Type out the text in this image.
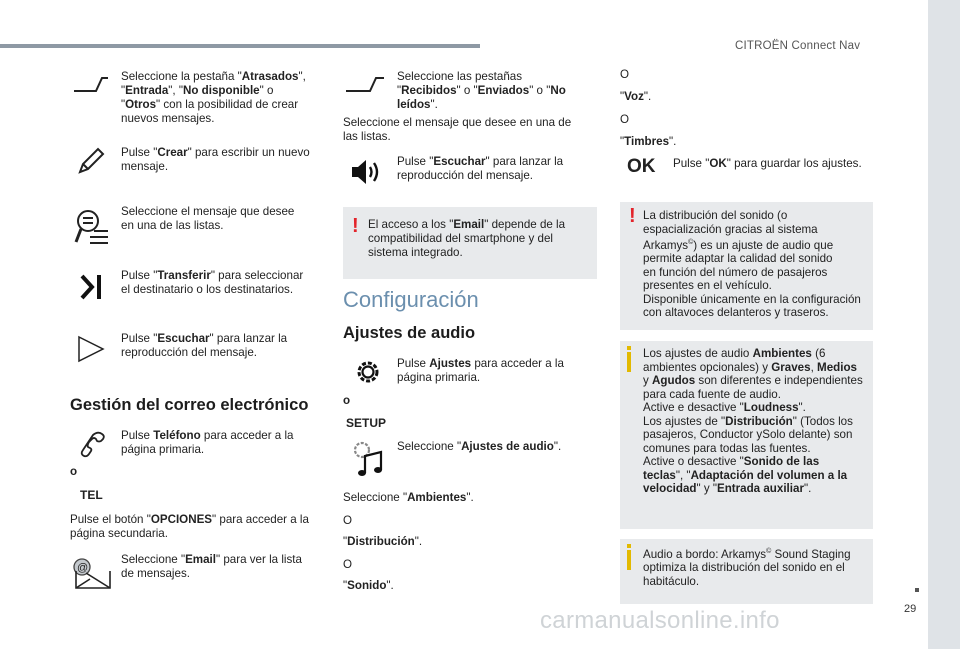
CITROËN Connect Nav
29
carmanualsonline.info
Seleccione la pestaña "Atrasados",
"Entrada", "No disponible" o
"Otros" con la posibilidad de crear
nuevos mensajes.
Pulse "Crear" para escribir un nuevo
mensaje.
Seleccione el mensaje que desee
en una de las listas.
Pulse "Transferir" para seleccionar
el destinatario o los destinatarios.
Pulse "Escuchar" para lanzar la
reproducción del mensaje.
Gestión del correo electrónico
Pulse Teléfono para acceder a la
página primaria.
o
TEL
Pulse el botón "OPCIONES" para acceder a la
página secundaria.
@
Seleccione "Email" para ver la lista
de mensajes.
Seleccione las pestañas
"Recibidos" o "Enviados" o "No
leídos".
Seleccione el mensaje que desee en una de
las listas.
Pulse "Escuchar" para lanzar la
reproducción del mensaje.
! El acceso a los "Email" depende de la
compatibilidad del smartphone y del
sistema integrado.
Configuración
Ajustes de audio
Pulse Ajustes para acceder a la
página primaria.
o
SETUP
Seleccione "Ajustes de audio".
Seleccione "Ambientes".
O
"Distribución".
O
"Sonido".
O
"Voz".
O
"Timbres".
OK Pulse "OK" para guardar los ajustes.
! La distribución del sonido (o
espacialización gracias al sistema
Arkamys©) es un ajuste de audio que
permite adaptar la calidad del sonido
en función del número de pasajeros
presentes en el vehículo.
Disponible únicamente en la configuración
con altavoces delanteros y traseros.
Los ajustes de audio Ambientes (6
ambientes opcionales) y Graves, Medios
y Agudos son diferentes e independientes
para cada fuente de audio.
Active e desactive "Loudness".
Los ajustes de "Distribución" (Todos los
pasajeros, Conductor ySolo delante) son
comunes para todas las fuentes.
Active o desactive "Sonido de las
teclas", "Adaptación del volumen a la
velocidad" y "Entrada auxiliar".
Audio a bordo: Arkamys© Sound Staging
optimiza la distribución del sonido en el
habitáculo.
